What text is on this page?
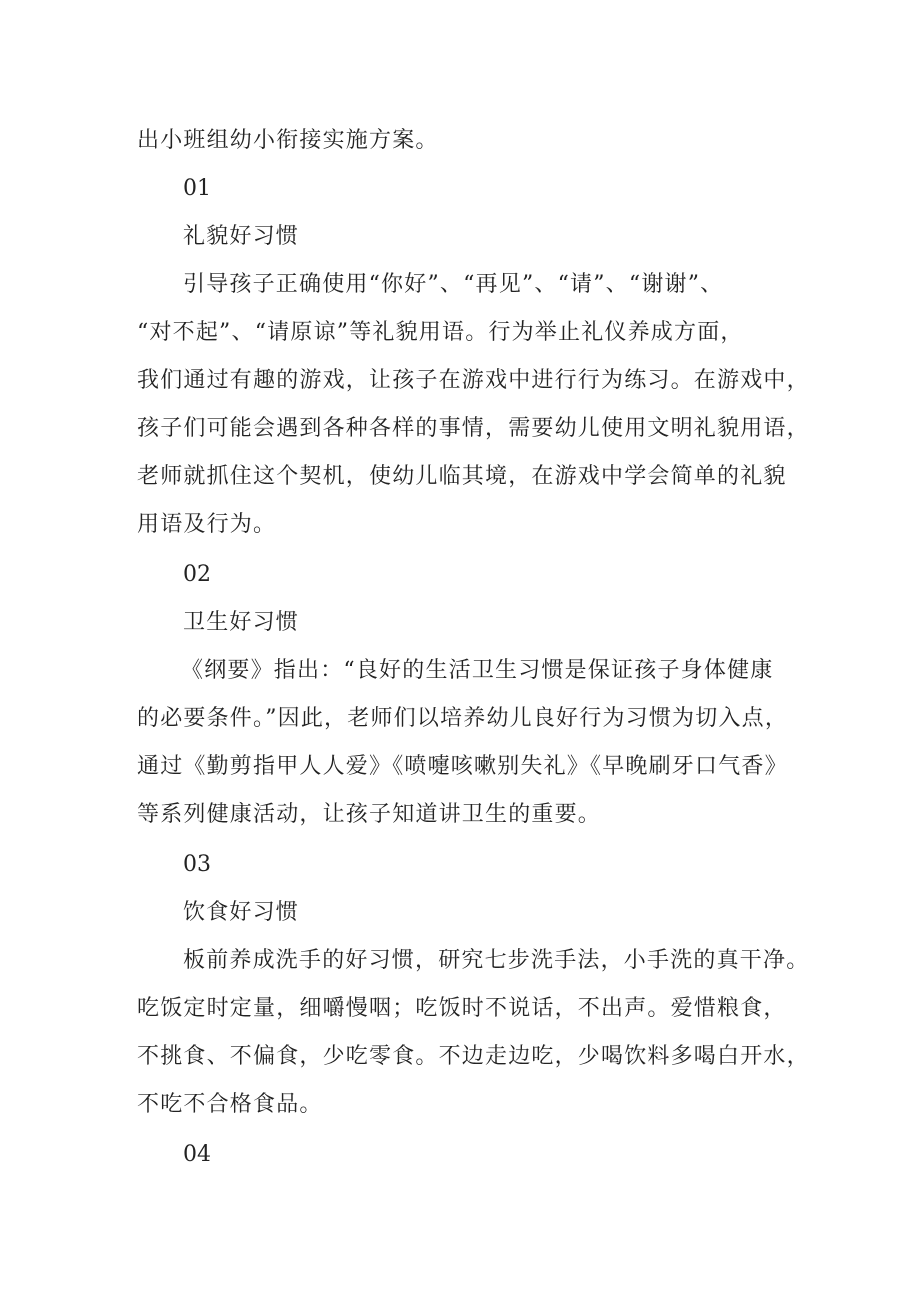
出小班组幼小衔接实施方案。
01
礼貌好习惯
引导孩子正确使用“你好”、“再见”、“请”、“谢谢”、
“对不起”、“请原谅”等礼貌用语。行为举止礼仪养成方面，
我们通过有趣的游戏，让孩子在游戏中进行行为练习。在游戏中，
孩子们可能会遇到各种各样的事情，需要幼儿使用文明礼貌用语，
老师就抓住这个契机，使幼儿临其境，在游戏中学会简单的礼貌
用语及行为。
02
卫生好习惯
《纲要》指出：“良好的生活卫生习惯是保证孩子身体健康
的必要条件。”因此，老师们以培养幼儿良好行为习惯为切入点，
通过《勤剪指甲人人爱》《喷嚏咳嗽别失礼》《早晚刷牙口气香》
等系列健康活动，让孩子知道讲卫生的重要。
03
饮食好习惯
板前养成洗手的好习惯，研究七步洗手法，小手洗的真干净。
吃饭定时定量，细嚼慢咽；吃饭时不说话，不出声。爱惜粮食，
不挑食、不偏食，少吃零食。不边走边吃，少喝饮料多喝白开水，
不吃不合格食品。
04
